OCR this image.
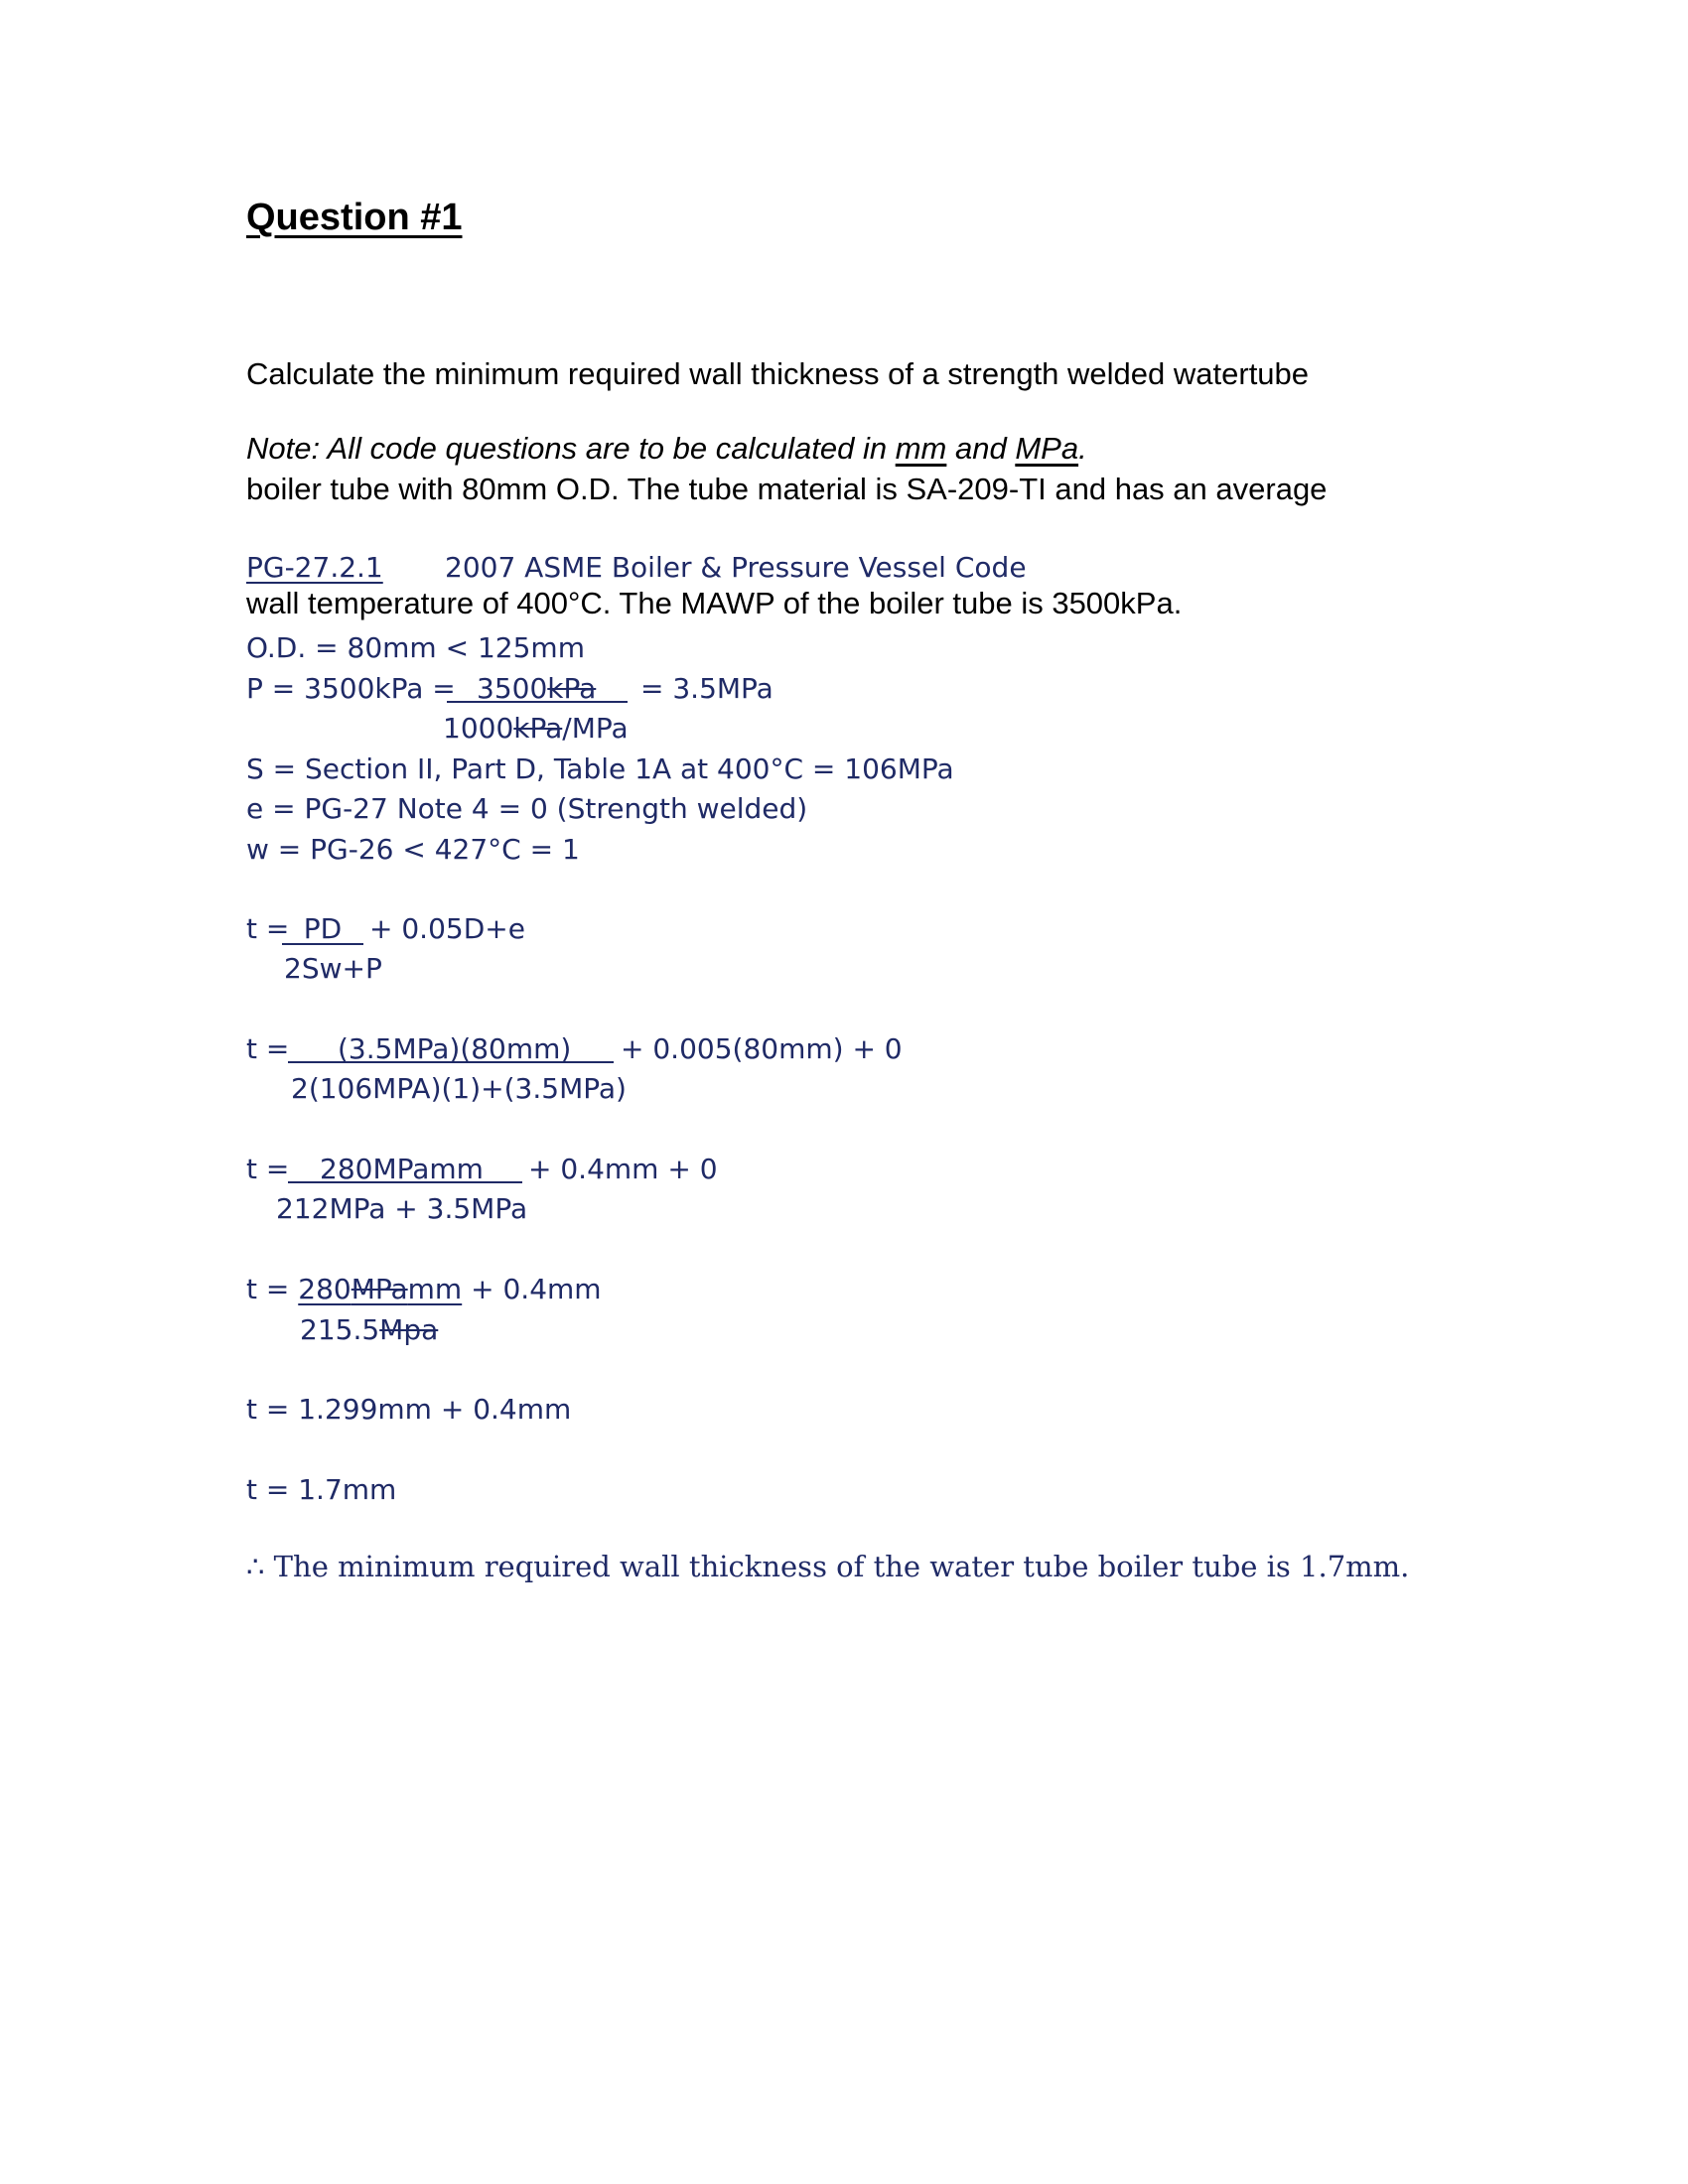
Question #1

Calculate the minimum required wall thickness of a strength welded watertube

boiler tube with 80mm O.D. The tube material is SA-209-TI and has an average

wall temperature of 400°C. The MAWP of the boiler tube is 3500kPa.

Note: All code questions are to be calculated in mm and MPa.
PG-27.2.1 2007 ASME Boiler & Pressure Vessel Code
O.D. = 80mm < 125mm
P = 3500kPa = 3500kPa	= 3.5MPa
1000kPa/MPa
S = Section II, Part D, Table 1A at 400°C = 106MPa
e = PG-27 Note 4 = 0 (Strength welded)
w = PG-26 < 427°C = 1
t = PD + 0.05D+e
2Sw+P
t =	(3.5MPa)(80mm)	+ 0.005(80mm) + 0
2(106MPA)(1)+(3.5MPa)
t =	280MPamm	+ 0.4mm + 0
212MPa + 3.5MPa
t = 280MPamm + 0.4mm
215.5Mpa
t = 1.299mm + 0.4mm
t = 1.7mm
∴ The minimum required wall thickness of the water tube boiler tube is 1.7mm.
